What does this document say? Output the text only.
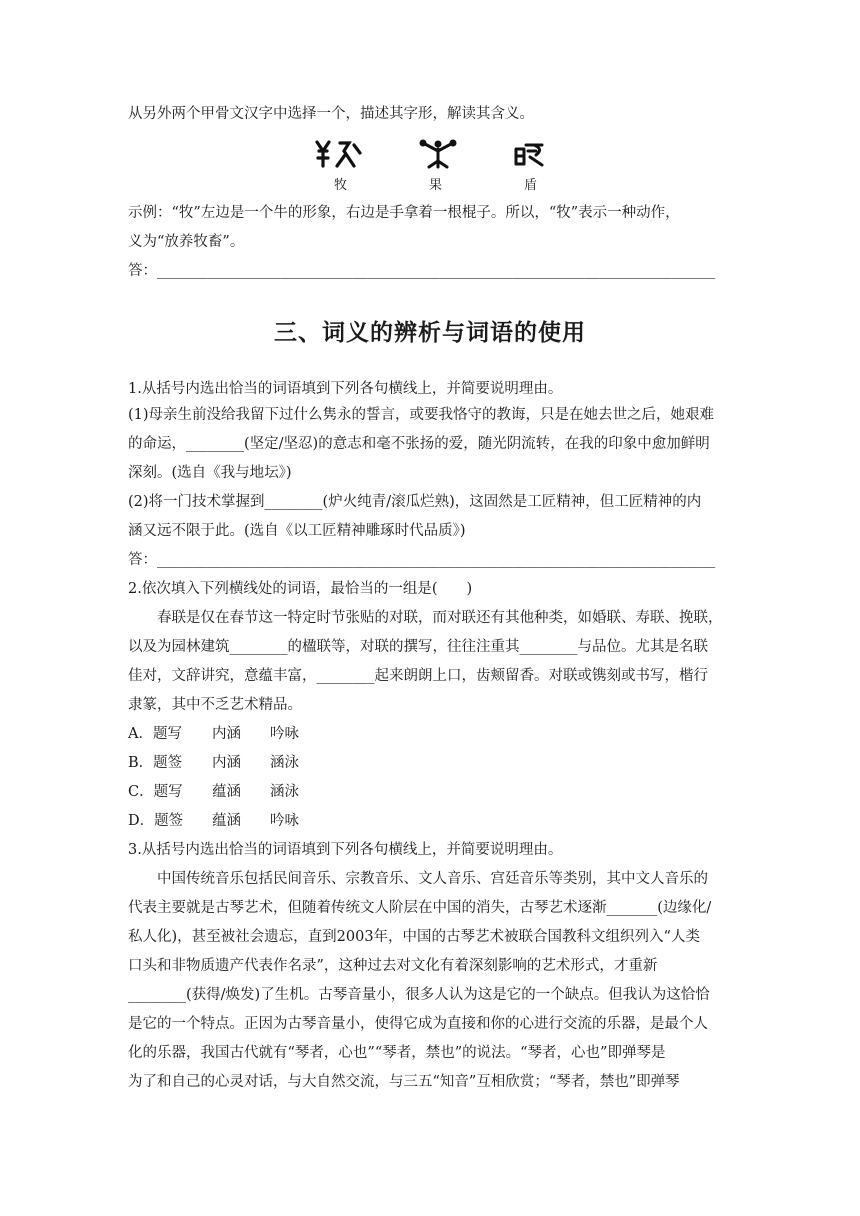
从另外两个甲骨文汉字中选择一个，描述其字形，解读其含义。
牧	果	盾
示例：“牧”左边是一个牛的形象，右边是手拿着一根棍子。所以，“牧”表示一种动作，
义为“放养牧畜”。
答：_____________________________________________________________________________
三、词义的辨析与词语的使用
1.从括号内选出恰当的词语填到下列各句横线上，并简要说明理由。
(1)母亲生前没给我留下过什么隽永的誓言，或要我恪守的教诲，只是在她去世之后，她艰难
的命运，________(坚定/坚忍)的意志和毫不张扬的爱，随光阴流转，在我的印象中愈加鲜明
深刻。(选自《我与地坛》)
(2)将一门技术掌握到________(炉火纯青/滚瓜烂熟)，这固然是工匠精神，但工匠精神的内
涵又远不限于此。(选自《以工匠精神雕琢时代品质》)
答：_____________________________________________________________________________
2.依次填入下列横线处的词语，最恰当的一组是(　　)
春联是仅在春节这一特定时节张贴的对联，而对联还有其他种类，如婚联、寿联、挽联，
以及为园林建筑________的楹联等，对联的撰写，往往注重其________与品位。尤其是名联
佳对，文辞讲究，意蕴丰富，________起来朗朗上口，齿颊留香。对联或镌刻或书写，楷行
隶篆，其中不乏艺术精品。
A．题写 内涵 吟咏
B．题签 内涵 涵泳
C．题写 蕴涵 涵泳
D．题签 蕴涵 吟咏
3.从括号内选出恰当的词语填到下列各句横线上，并简要说明理由。
中国传统音乐包括民间音乐、宗教音乐、文人音乐、宫廷音乐等类别，其中文人音乐的
代表主要就是古琴艺术，但随着传统文人阶层在中国的消失，古琴艺术逐渐_______(边缘化/
私人化)，甚至被社会遗忘，直到2003年，中国的古琴艺术被联合国教科文组织列入“人类
口头和非物质遗产代表作名录”，这种过去对文化有着深刻影响的艺术形式，才重新
________(获得/焕发)了生机。古琴音量小，很多人认为这是它的一个缺点。但我认为这恰恰
是它的一个特点。正因为古琴音量小，使得它成为直接和你的心进行交流的乐器，是最个人
化的乐器，我国古代就有“琴者，心也”“琴者，禁也”的说法。“琴者，心也”即弹琴是
为了和自己的心灵对话，与大自然交流，与三五“知音”互相欣赏；“琴者，禁也”即弹琴
